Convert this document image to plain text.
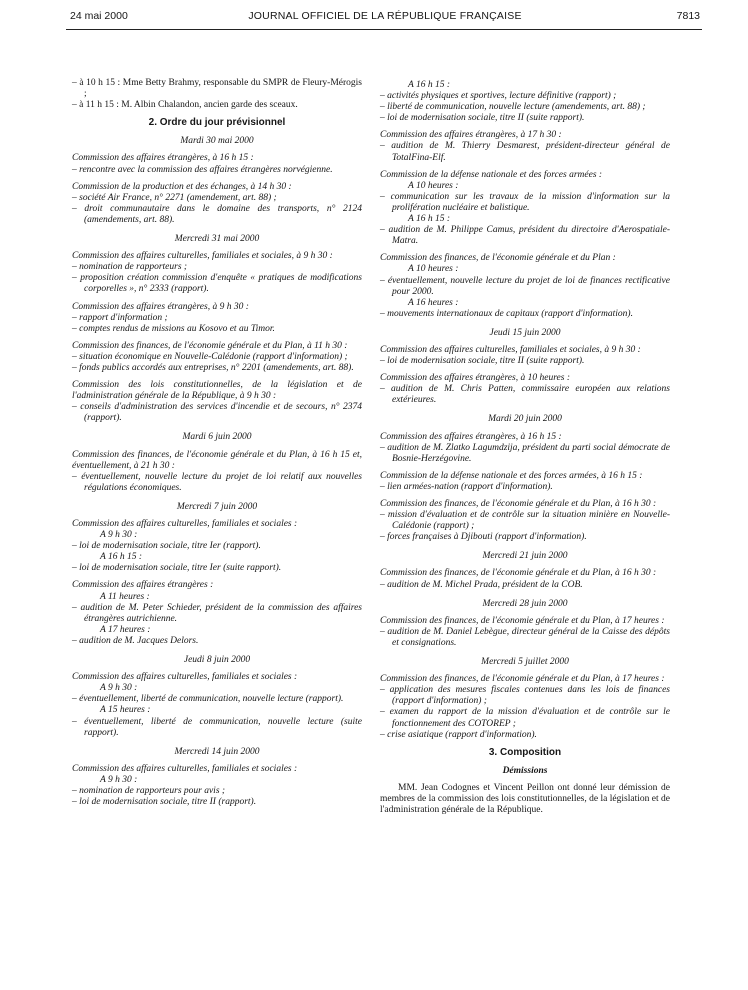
24 mai 2000	JOURNAL OFFICIEL DE LA RÉPUBLIQUE FRANÇAISE	7813

– à 10 h 15 : Mme Betty Brahmy, responsable du SMPR de Fleury-Mérogis ;

– à 11 h 15 : M. Albin Chalandon, ancien garde des sceaux.

2. Ordre du jour prévisionnel

Mardi 30 mai 2000

Commission des affaires étrangères, à 16 h 15 :

– rencontre avec la commission des affaires étrangères norvégienne.

Commission de la production et des échanges, à 14 h 30 :

– société Air France, n° 2271 (amendement, art. 88) ;

– droit communautaire dans le domaine des transports, n° 2124 (amendements, art. 88).

Mercredi 31 mai 2000

Commission des affaires culturelles, familiales et sociales, à 9 h 30 :

– nomination de rapporteurs ;

– proposition création commission d'enquête « pratiques de modifications corporelles », n° 2333 (rapport).

Commission des affaires étrangères, à 9 h 30 :

– rapport d'information ;

– comptes rendus de missions au Kosovo et au Timor.

Commission des finances, de l'économie générale et du Plan, à 11 h 30 :

– situation économique en Nouvelle-Calédonie (rapport d'information) ;

– fonds publics accordés aux entreprises, n° 2201 (amendements, art. 88).

Commission des lois constitutionnelles, de la législation et de l'administration générale de la République, à 9 h 30 :

– conseils d'administration des services d'incendie et de secours, n° 2374 (rapport).

Mardi 6 juin 2000

Commission des finances, de l'économie générale et du Plan, à 16 h 15 et, éventuellement, à 21 h 30 :

– éventuellement, nouvelle lecture du projet de loi relatif aux nouvelles régulations économiques.

Mercredi 7 juin 2000

Commission des affaires culturelles, familiales et sociales :

A 9 h 30 :

– loi de modernisation sociale, titre Ier (rapport).

A 16 h 15 :

– loi de modernisation sociale, titre Ier (suite rapport).

Commission des affaires étrangères :

A 11 heures :

– audition de M. Peter Schieder, président de la commission des affaires étrangères autrichienne.

A 17 heures :

– audition de M. Jacques Delors.

Jeudi 8 juin 2000

Commission des affaires culturelles, familiales et sociales :

A 9 h 30 :

– éventuellement, liberté de communication, nouvelle lecture (rapport).

A 15 heures :

– éventuellement, liberté de communication, nouvelle lecture (suite rapport).

Mercredi 14 juin 2000

Commission des affaires culturelles, familiales et sociales :

A 9 h 30 :

– nomination de rapporteurs pour avis ;

– loi de modernisation sociale, titre II (rapport).

A 16 h 15 :

– activités physiques et sportives, lecture définitive (rapport) ;

– liberté de communication, nouvelle lecture (amendements, art. 88) ;

– loi de modernisation sociale, titre II (suite rapport).

Commission des affaires étrangères, à 17 h 30 :

– audition de M. Thierry Desmarest, président-directeur général de TotalFina-Elf.

Commission de la défense nationale et des forces armées :

A 10 heures :

– communication sur les travaux de la mission d'information sur la prolifération nucléaire et balistique.

A 16 h 15 :

– audition de M. Philippe Camus, président du directoire d'Aerospatiale-Matra.

Commission des finances, de l'économie générale et du Plan :

A 10 heures :

– éventuellement, nouvelle lecture du projet de loi de finances rectificative pour 2000.

A 16 heures :

– mouvements internationaux de capitaux (rapport d'information).

Jeudi 15 juin 2000

Commission des affaires culturelles, familiales et sociales, à 9 h 30 :

– loi de modernisation sociale, titre II (suite rapport).

Commission des affaires étrangères, à 10 heures :

– audition de M. Chris Patten, commissaire européen aux relations extérieures.

Mardi 20 juin 2000

Commission des affaires étrangères, à 16 h 15 :

– audition de M. Zlatko Lagumdzija, président du parti social démocrate de Bosnie-Herzégovine.

Commission de la défense nationale et des forces armées, à 16 h 15 :

– lien armées-nation (rapport d'information).

Commission des finances, de l'économie générale et du Plan, à 16 h 30 :

– mission d'évaluation et de contrôle sur la situation minière en Nouvelle-Calédonie (rapport) ;

– forces françaises à Djibouti (rapport d'information).

Mercredi 21 juin 2000

Commission des finances, de l'économie générale et du Plan, à 16 h 30 :

– audition de M. Michel Prada, président de la COB.

Mercredi 28 juin 2000

Commission des finances, de l'économie générale et du Plan, à 17 heures :

– audition de M. Daniel Lebègue, directeur général de la Caisse des dépôts et consignations.

Mercredi 5 juillet 2000

Commission des finances, de l'économie générale et du Plan, à 17 heures :

– application des mesures fiscales contenues dans les lois de finances (rapport d'information) ;

– examen du rapport de la mission d'évaluation et de contrôle sur le fonctionnement des COTOREP ;

– crise asiatique (rapport d'information).

3. Composition

Démissions

MM. Jean Codognes et Vincent Peillon ont donné leur démission de membres de la commission des lois constitutionnelles, de la législation et de l'administration générale de la République.
